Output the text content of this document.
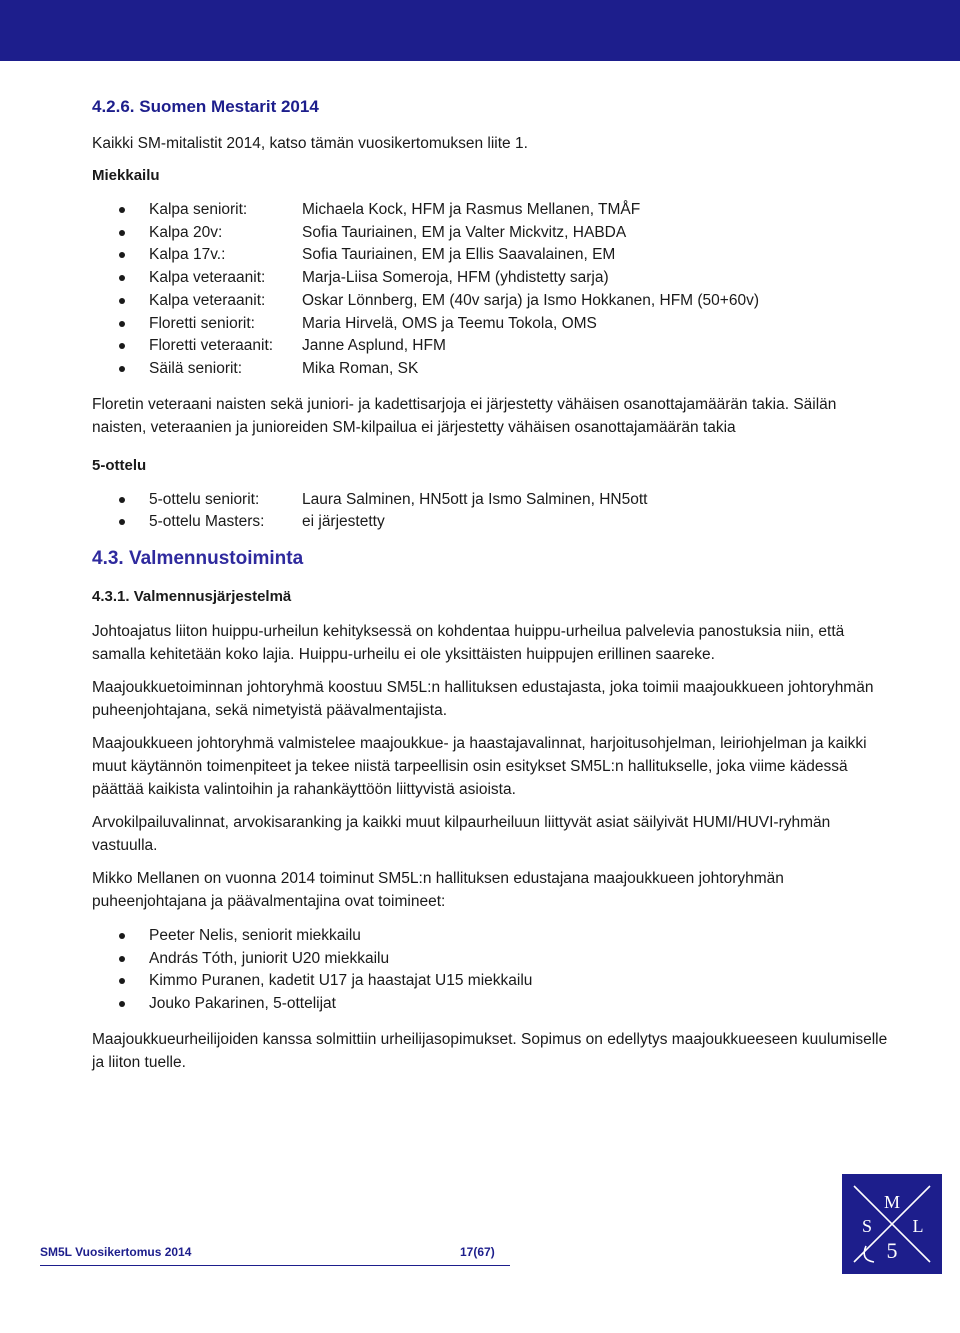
4.2.6. Suomen Mestarit 2014

Kaikki SM-mitalistit 2014, katso tämän vuosikertomuksen liite 1.

Miekkailu
Kalpa seniorit:	Michaela Kock, HFM ja Rasmus Mellanen, TMÅF
Kalpa 20v:	Sofia Tauriainen, EM ja Valter Mickvitz, HABDA
Kalpa 17v.:	Sofia Tauriainen, EM ja Ellis Saavalainen, EM
Kalpa veteraanit:	Marja-Liisa Someroja, HFM (yhdistetty sarja)
Kalpa veteraanit:	Oskar Lönnberg, EM (40v sarja) ja Ismo Hokkanen, HFM (50+60v)
Floretti seniorit:	Maria Hirvelä, OMS ja Teemu Tokola, OMS
Floretti veteraanit:	Janne Asplund, HFM
Säilä seniorit:	Mika Roman, SK

Floretin veteraani naisten sekä juniori- ja kadettisarjoja ei järjestetty vähäisen osanottajamäärän takia. Säilän naisten, veteraanien ja junioreiden SM-kilpailua ei järjestetty vähäisen osanottajamäärän takia

5-ottelu
5-ottelu seniorit:	Laura Salminen, HN5ott ja Ismo Salminen, HN5ott
5-ottelu Masters:	ei järjestetty
4.3. Valmennustoiminta
4.3.1. Valmennusjärjestelmä

Johtoajatus liiton huippu-urheilun kehityksessä on kohdentaa huippu-urheilua palvelevia panostuksia niin, että samalla kehitetään koko lajia. Huippu-urheilu ei ole yksittäisten huippujen erillinen saareke.

Maajoukkuetoiminnan johtoryhmä koostuu SM5L:n hallituksen edustajasta, joka toimii maajoukkueen johtoryhmän puheenjohtajana, sekä nimetyistä päävalmentajista.

Maajoukkueen johtoryhmä valmistelee maajoukkue- ja haastajavalinnat, harjoitusohjelman, leiriohjelman ja kaikki muut käytännön toimenpiteet ja tekee niistä tarpeellisin osin esitykset SM5L:n hallitukselle, joka viime kädessä päättää kaikista valintoihin ja rahankäyttöön liittyvistä asioista.

Arvokilpailuvalinnat, arvokisaranking ja kaikki muut kilpaurheiluun liittyvät asiat säilyivät HUMI/HUVI-ryhmän vastuulla.

Mikko Mellanen on vuonna 2014 toiminut SM5L:n hallituksen edustajana maajoukkueen johtoryhmän puheenjohtajana ja päävalmentajina ovat toimineet:

Peeter Nelis, seniorit miekkailu
András Tóth, juniorit U20 miekkailu
Kimmo Puranen, kadetit U17 ja haastajat U15 miekkailu
Jouko Pakarinen, 5-ottelijat

Maajoukkueurheilijoiden kanssa solmittiin urheilijasopimukset. Sopimus on edellytys maajoukkueeseen kuulumiselle ja liiton tuelle.

SM5L Vuosikertomus 2014	17(67)
M
S L
5
